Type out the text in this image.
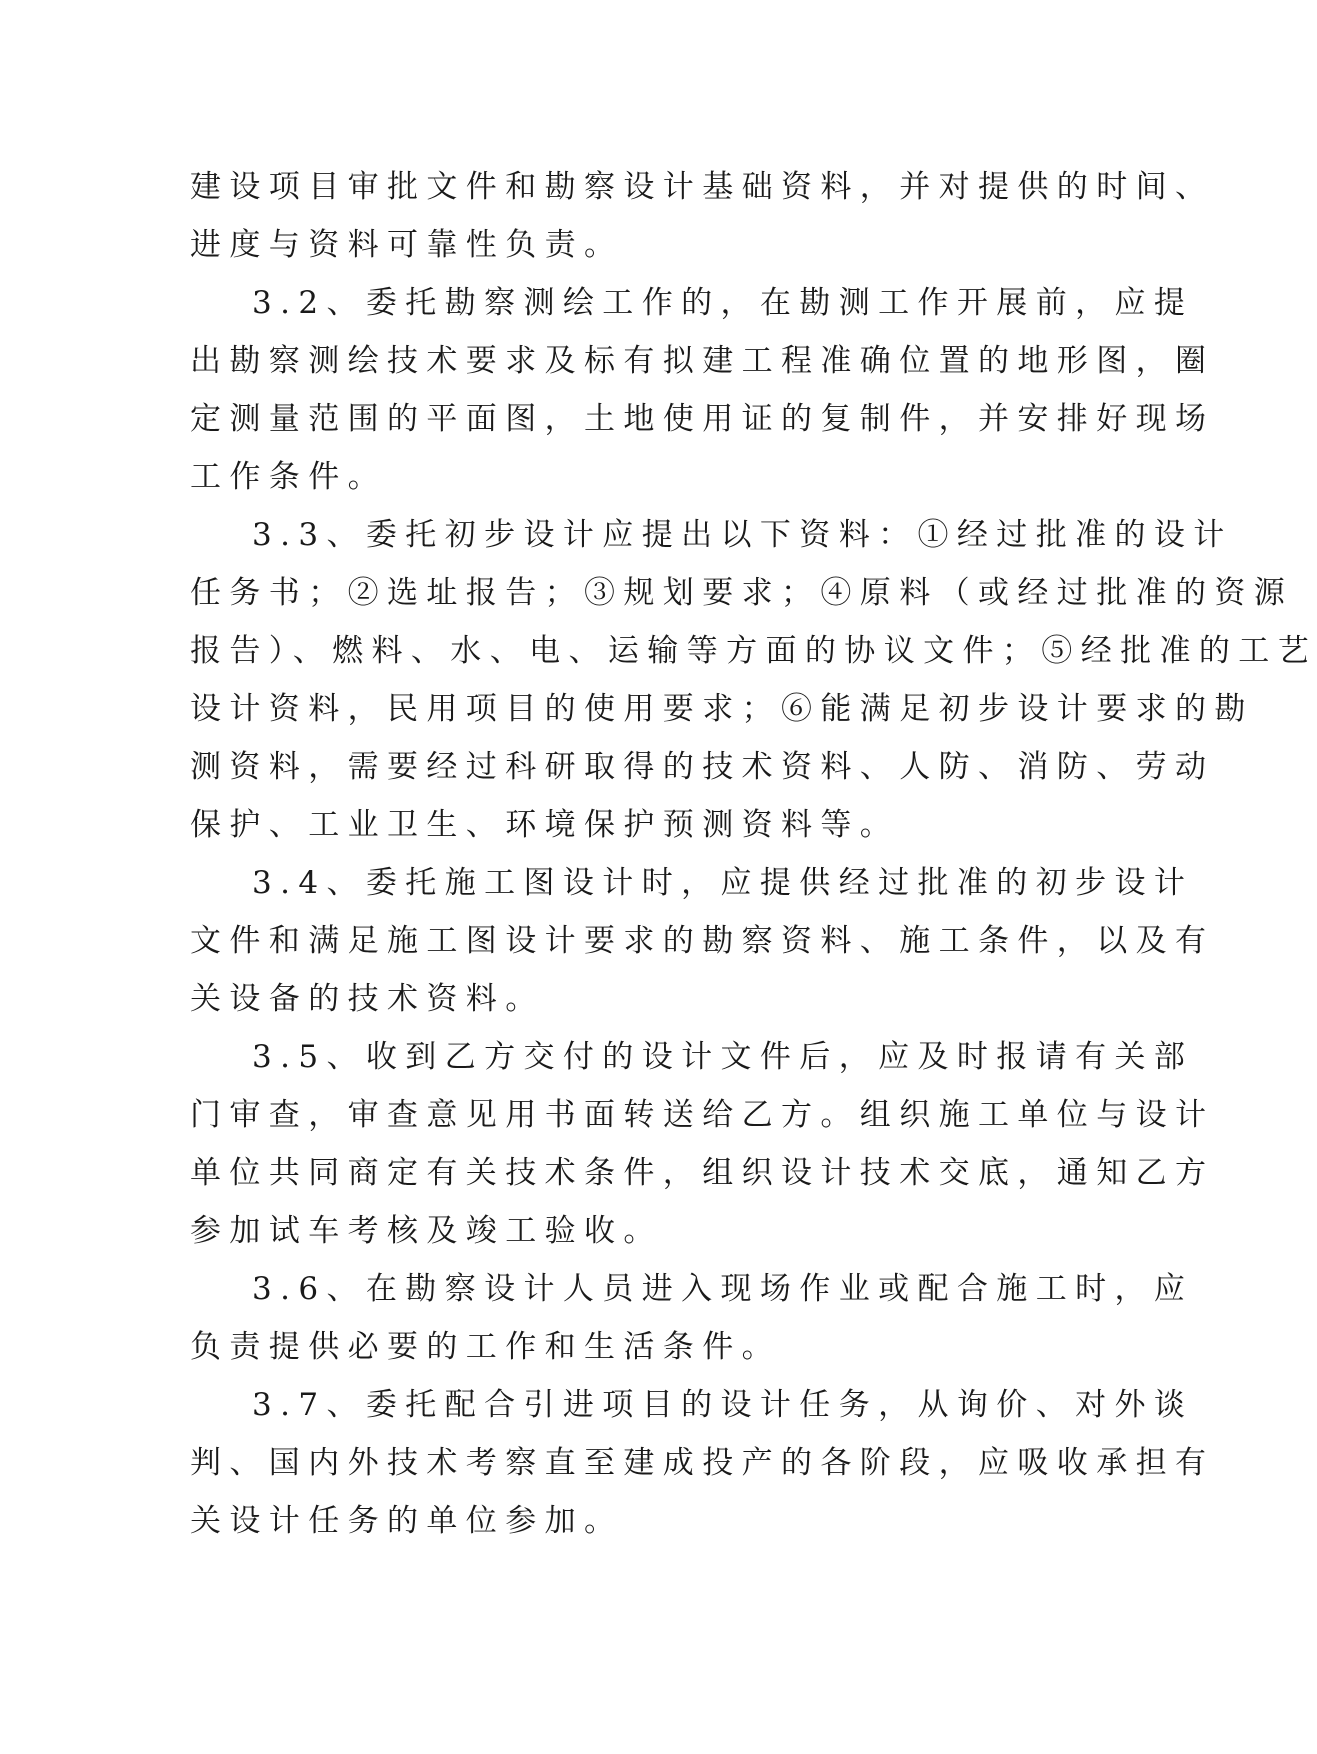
建设项目审批文件和勘察设计基础资料，并对提供的时间、
进度与资料可靠性负责。

3.2、委托勘察测绘工作的，在勘测工作开展前，应提
出勘察测绘技术要求及标有拟建工程准确位置的地形图，圈
定测量范围的平面图，土地使用证的复制件，并安排好现场
工作条件。

3.3、委托初步设计应提出以下资料：①经过批准的设计
任务书；②选址报告；③规划要求；④原料（或经过批准的资源
报告）、燃料、水、电、运输等方面的协议文件；⑤经批准的工艺
设计资料，民用项目的使用要求；⑥能满足初步设计要求的勘
测资料，需要经过科研取得的技术资料、人防、消防、劳动
保护、工业卫生、环境保护预测资料等。

3.4、委托施工图设计时，应提供经过批准的初步设计
文件和满足施工图设计要求的勘察资料、施工条件，以及有
关设备的技术资料。

3.5、收到乙方交付的设计文件后，应及时报请有关部
门审查，审查意见用书面转送给乙方。组织施工单位与设计
单位共同商定有关技术条件，组织设计技术交底，通知乙方
参加试车考核及竣工验收。

3.6、在勘察设计人员进入现场作业或配合施工时，应
负责提供必要的工作和生活条件。

3.7、委托配合引进项目的设计任务，从询价、对外谈
判、国内外技术考察直至建成投产的各阶段，应吸收承担有
关设计任务的单位参加。
